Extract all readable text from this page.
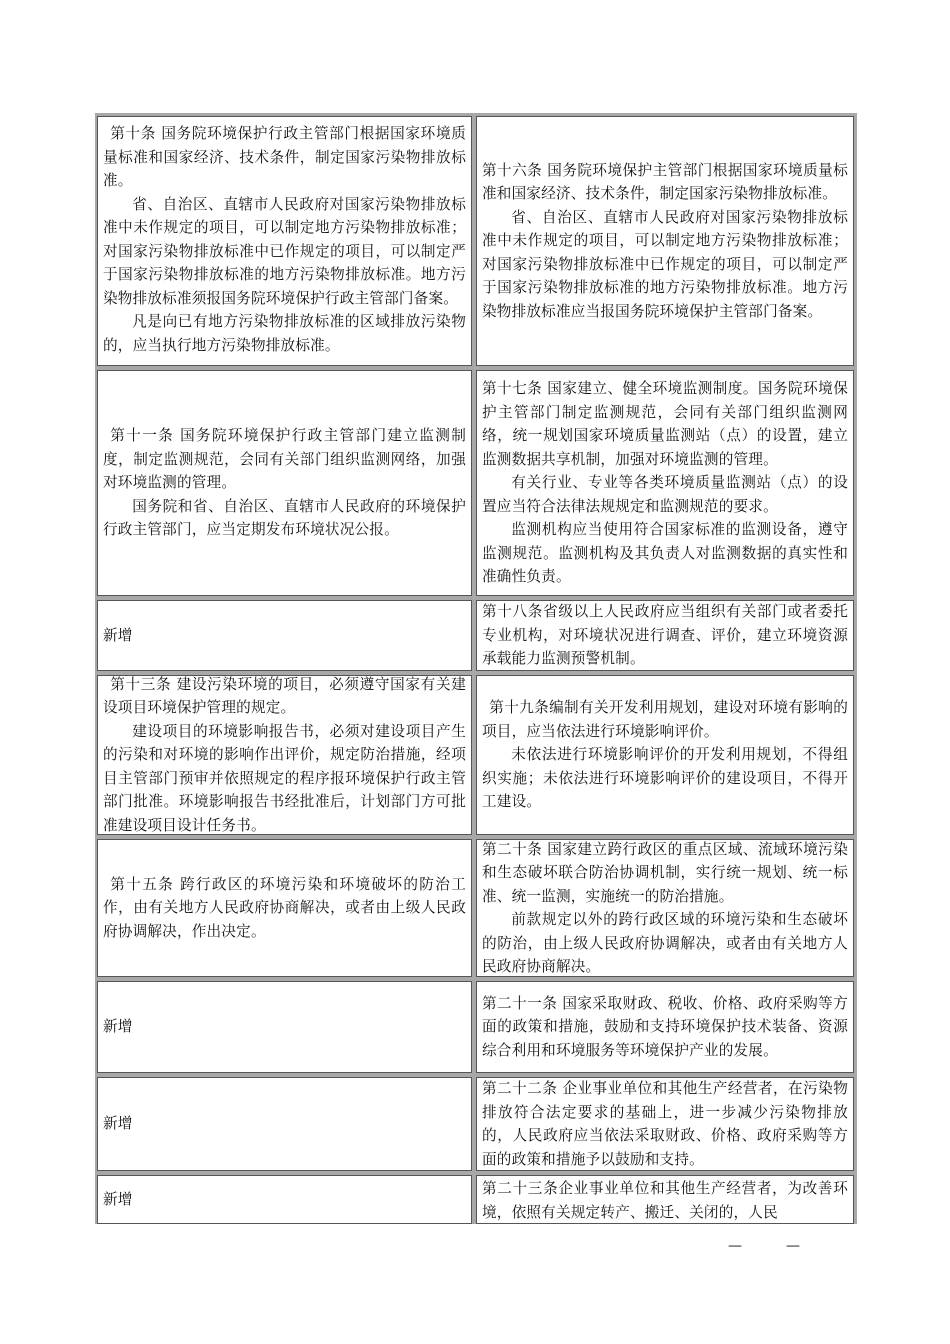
第十条 国务院环境保护行政主管部门根据国家环境质量标准和国家经济、技术条件，制定国家污染物排放标准。

省、自治区、直辖市人民政府对国家污染物排放标准中未作规定的项目，可以制定地方污染物排放标准；对国家污染物排放标准中已作规定的项目，可以制定严于国家污染物排放标准的地方污染物排放标准。地方污染物排放标准须报国务院环境保护行政主管部门备案。

凡是向已有地方污染物排放标准的区域排放污染物的，应当执行地方污染物排放标准。

第十六条 国务院环境保护主管部门根据国家环境质量标准和国家经济、技术条件，制定国家污染物排放标准。

省、自治区、直辖市人民政府对国家污染物排放标准中未作规定的项目，可以制定地方污染物排放标准；对国家污染物排放标准中已作规定的项目，可以制定严于国家污染物排放标准的地方污染物排放标准。地方污染物排放标准应当报国务院环境保护主管部门备案。

第十一条 国务院环境保护行政主管部门建立监测制度，制定监测规范，会同有关部门组织监测网络，加强对环境监测的管理。

国务院和省、自治区、直辖市人民政府的环境保护行政主管部门，应当定期发布环境状况公报。

第十七条 国家建立、健全环境监测制度。国务院环境保护主管部门制定监测规范，会同有关部门组织监测网络，统一规划国家环境质量监测站（点）的设置，建立监测数据共享机制，加强对环境监测的管理。

有关行业、专业等各类环境质量监测站（点）的设置应当符合法律法规规定和监测规范的要求。

监测机构应当使用符合国家标准的监测设备，遵守监测规范。监测机构及其负责人对监测数据的真实性和准确性负责。

新增

第十八条省级以上人民政府应当组织有关部门或者委托专业机构，对环境状况进行调查、评价，建立环境资源承载能力监测预警机制。

第十三条 建设污染环境的项目，必须遵守国家有关建设项目环境保护管理的规定。

建设项目的环境影响报告书，必须对建设项目产生的污染和对环境的影响作出评价，规定防治措施，经项目主管部门预审并依照规定的程序报环境保护行政主管部门批准。环境影响报告书经批准后，计划部门方可批准建设项目设计任务书。

第十九条编制有关开发利用规划，建设对环境有影响的项目，应当依法进行环境影响评价。

未依法进行环境影响评价的开发利用规划，不得组织实施；未依法进行环境影响评价的建设项目，不得开工建设。

第十五条 跨行政区的环境污染和环境破坏的防治工作，由有关地方人民政府协商解决，或者由上级人民政府协调解决，作出决定。

第二十条 国家建立跨行政区的重点区域、流域环境污染和生态破坏联合防治协调机制，实行统一规划、统一标准、统一监测，实施统一的防治措施。

前款规定以外的跨行政区域的环境污染和生态破坏的防治，由上级人民政府协调解决，或者由有关地方人民政府协商解决。

新增

第二十一条 国家采取财政、税收、价格、政府采购等方面的政策和措施，鼓励和支持环境保护技术装备、资源综合利用和环境服务等环境保护产业的发展。

新增

第二十二条 企业事业单位和其他生产经营者，在污染物排放符合法定要求的基础上，进一步减少污染物排放的，人民政府应当依法采取财政、价格、政府采购等方面的政策和措施予以鼓励和支持。

新增

第二十三条企业事业单位和其他生产经营者，为改善环境，依照有关规定转产、搬迁、关闭的，人民

—	—
